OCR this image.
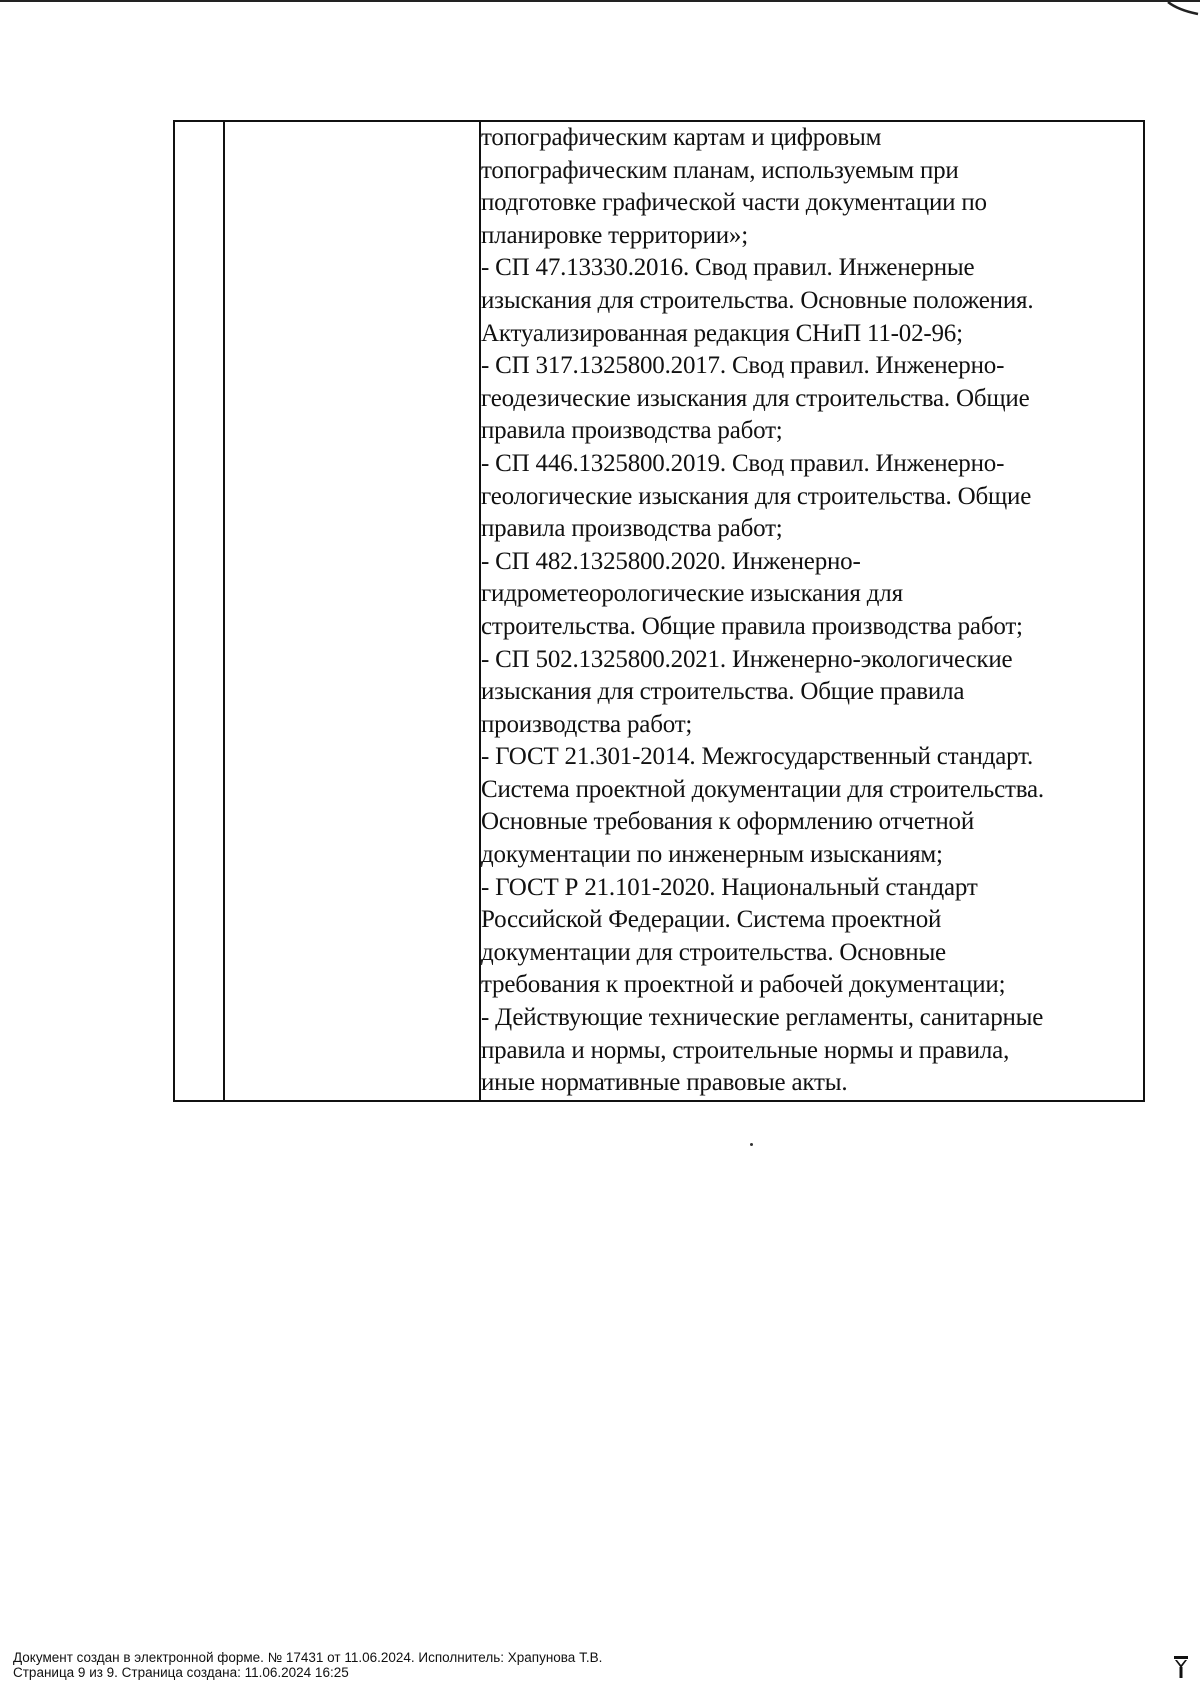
топографическим картам и цифровым
топографическим планам, используемым при
подготовке графической части документации по
планировке территории»;
- СП 47.13330.2016. Свод правил. Инженерные
изыскания для строительства. Основные положения.
Актуализированная редакция СНиП 11-02-96;
- СП 317.1325800.2017. Свод правил. Инженерно-
геодезические изыскания для строительства. Общие
правила производства работ;
- СП 446.1325800.2019. Свод правил. Инженерно-
геологические изыскания для строительства. Общие
правила производства работ;
- СП 482.1325800.2020. Инженерно-
гидрометеорологические изыскания для
строительства. Общие правила производства работ;
- СП 502.1325800.2021. Инженерно-экологические
изыскания для строительства. Общие правила
производства работ;
- ГОСТ 21.301-2014. Межгосударственный стандарт.
Система проектной документации для строительства.
Основные требования к оформлению отчетной
документации по инженерным изысканиям;
- ГОСТ Р 21.101-2020. Национальный стандарт
Российской Федерации. Система проектной
документации для строительства. Основные
требования к проектной и рабочей документации;
- Действующие технические регламенты, санитарные
правила и нормы, строительные нормы и правила,
иные нормативные правовые акты.
Документ создан в электронной форме. № 17431 от 11.06.2024. Исполнитель: Храпунова Т.В.
Страница 9 из 9. Страница создана: 11.06.2024 16:25
